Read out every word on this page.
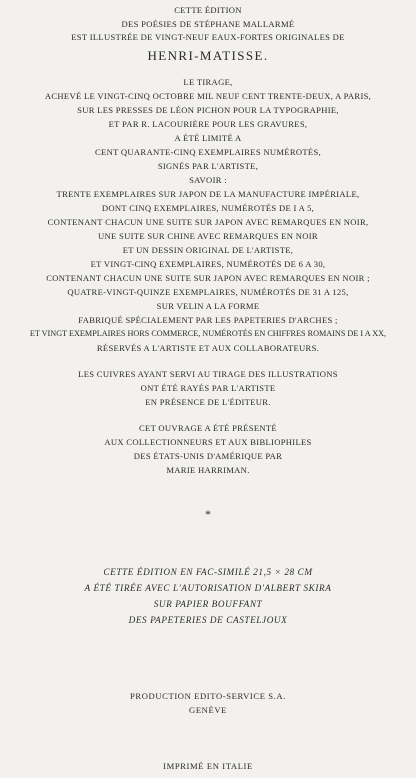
CETTE ÉDITION
DES POÉSIES DE STÉPHANE MALLARMÉ
EST ILLUSTRÉE DE VINGT-NEUF EAUX-FORTES ORIGINALES DE
HENRI-MATISSE.
LE TIRAGE,
ACHEVÉ LE VINGT-CINQ OCTOBRE MIL NEUF CENT TRENTE-DEUX, A PARIS,
SUR LES PRESSES DE LÉON PICHON POUR LA TYPOGRAPHIE,
ET PAR R. LACOURIÈRE POUR LES GRAVURES,
A ÉTÉ LIMITÉ A
CENT QUARANTE-CINQ EXEMPLAIRES NUMÉROTÉS,
SIGNÉS PAR L'ARTISTE,
SAVOIR :
TRENTE EXEMPLAIRES SUR JAPON DE LA MANUFACTURE IMPÉRIALE,
DONT CINQ EXEMPLAIRES, NUMÉROTÉS DE I A 5,
CONTENANT CHACUN UNE SUITE SUR JAPON AVEC REMARQUES EN NOIR,
UNE SUITE SUR CHINE AVEC REMARQUES EN NOIR
ET UN DESSIN ORIGINAL DE L'ARTISTE,
ET VINGT-CINQ EXEMPLAIRES, NUMÉROTÉS DE 6 A 30,
CONTENANT CHACUN UNE SUITE SUR JAPON AVEC REMARQUES EN NOIR ;
QUATRE-VINGT-QUINZE EXEMPLAIRES, NUMÉROTÉS DE 31 A 125,
SUR VELIN A LA FORME
FABRIQUÉ SPÉCIALEMENT PAR LES PAPETERIES D'ARCHES ;
ET VINGT EXEMPLAIRES HORS COMMERCE, NUMÉROTÉS EN CHIFFRES ROMAINS DE I A XX,
RÉSERVÉS A L'ARTISTE ET AUX COLLABORATEURS.
LES CUIVRES AYANT SERVI AU TIRAGE DES ILLUSTRATIONS
ONT ÉTÉ RAYÉS PAR L'ARTISTE
EN PRÉSENCE DE L'ÉDITEUR.
CET OUVRAGE A ÉTÉ PRÉSENTÉ
AUX COLLECTIONNEURS ET AUX BIBLIOPHILES
DES ÉTATS-UNIS D'AMÉRIQUE PAR
MARIE HARRIMAN.
*
CETTE ÉDITION EN FAC-SIMILÉ 21,5 × 28 CM
A ÉTÉ TIRÉE AVEC L'AUTORISATION D'ALBERT SKIRA
SUR PAPIER BOUFFANT
DES PAPETERIES DE CASTELJOUX
PRODUCTION EDITO-SERVICE S.A.
GENÈVE
IMPRIMÉ EN ITALIE
